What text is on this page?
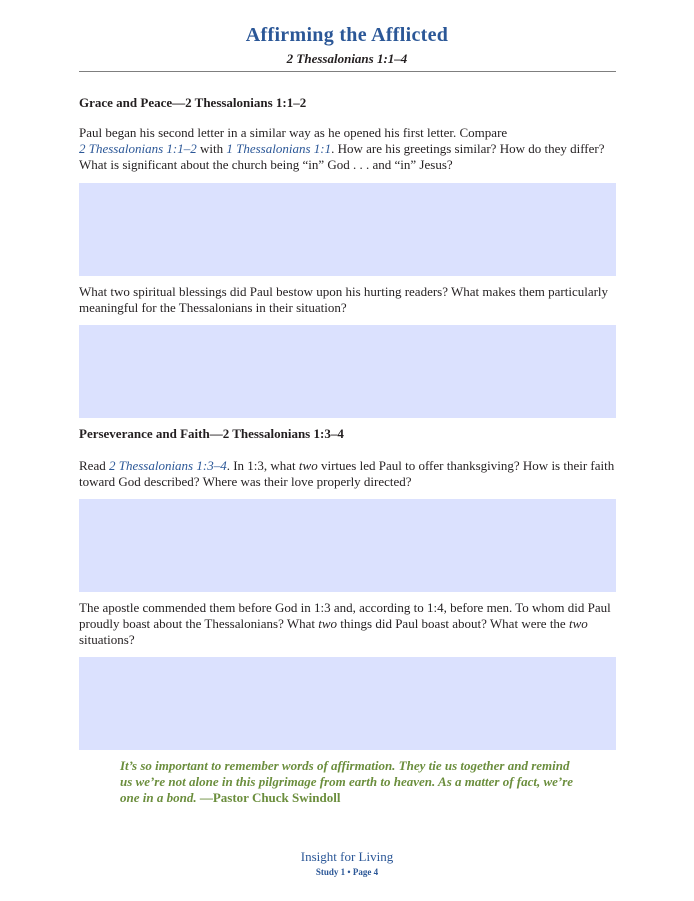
Affirming the Afflicted
2 Thessalonians 1:1–4
Grace and Peace—2 Thessalonians 1:1–2
Paul began his second letter in a similar way as he opened his first letter. Compare
2 Thessalonians 1:1–2 with 1 Thessalonians 1:1. How are his greetings similar? How do they differ? What is significant about the church being “in” God . . . and “in” Jesus?
What two spiritual blessings did Paul bestow upon his hurting readers? What makes them particularly meaningful for the Thessalonians in their situation?
Perseverance and Faith—2 Thessalonians 1:3–4
Read 2 Thessalonians 1:3–4. In 1:3, what two virtues led Paul to offer thanksgiving? How is their faith toward God described? Where was their love properly directed?
The apostle commended them before God in 1:3 and, according to 1:4, before men. To whom did Paul proudly boast about the Thessalonians? What two things did Paul boast about? What were the two situations?
It’s so important to remember words of affirmation. They tie us together and remind us we’re not alone in this pilgrimage from earth to heaven. As a matter of fact, we’re one in a bond. —Pastor Chuck Swindoll
Insight for Living
Study 1 • Page 4
